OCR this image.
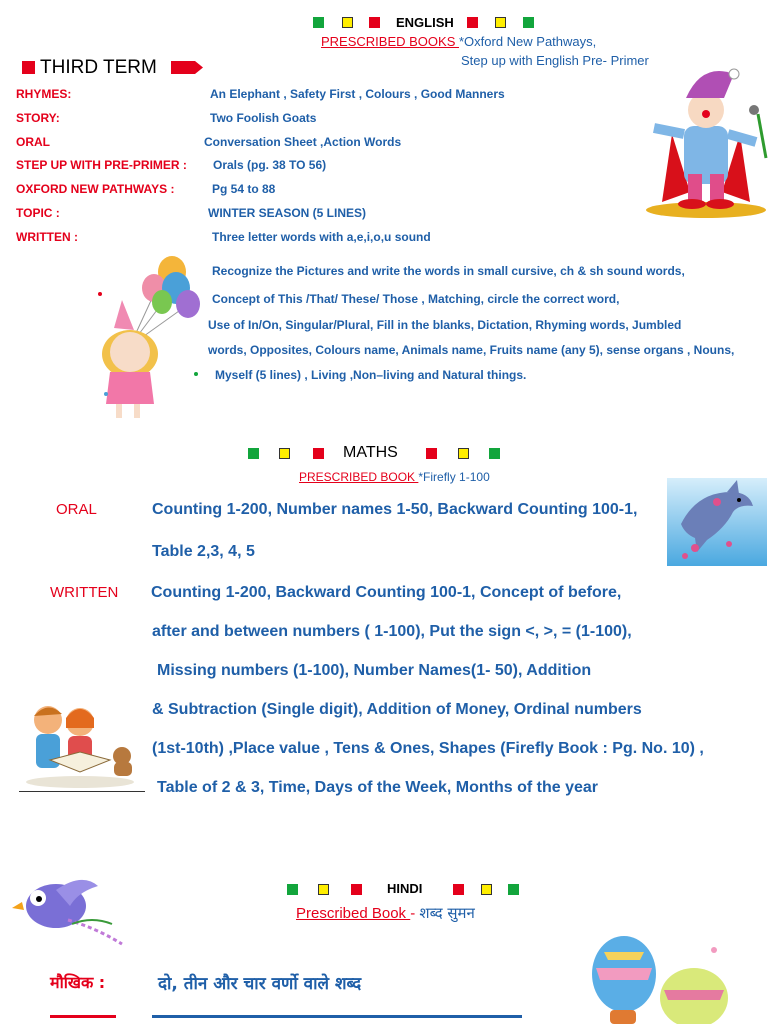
ENGLISH
PRESCRIBED BOOKS *Oxford New Pathways,
Step up with English Pre- Primer
THIRD TERM
RHYMES:	An Elephant , Safety First , Colours , Good Manners
STORY:	Two Foolish Goats
ORAL	Conversation Sheet ,Action Words
STEP UP WITH PRE-PRIMER : Orals (pg. 38 TO 56)
OXFORD NEW PATHWAYS :	Pg 54 to 88
TOPIC :	WINTER SEASON (5 LINES)
WRITTEN :	Three letter words with a,e,i,o,u sound
Recognize the Pictures and write the words in small cursive, ch & sh sound words,
Concept of This /That/ These/ Those , Matching, circle the correct word,
Use of In/On, Singular/Plural, Fill in the blanks, Dictation, Rhyming words, Jumbled
words, Opposites, Colours name, Animals name, Fruits name (any 5), sense organs , Nouns,
Myself (5 lines) , Living ,Non–living and Natural things.
MATHS
PRESCRIBED BOOK *Firefly 1-100
ORAL	Counting 1-200, Number names 1-50, Backward Counting 100-1,
Table 2,3, 4, 5
WRITTEN Counting 1-200, Backward Counting 100-1, Concept of before,
after and between numbers ( 1-100), Put the sign <, >, = (1-100),
Missing numbers (1-100), Number Names(1- 50), Addition
& Subtraction (Single digit), Addition of Money, Ordinal numbers
(1st-10th) ,Place value , Tens & Ones, Shapes (Firefly Book : Pg. No. 10) ,
Table of 2 & 3, Time, Days of the Week, Months of the year
HINDI
Prescribed Book - शब्द सुमन
मौखिक :	दो, तीन और चार वर्णो वाले शब्द
